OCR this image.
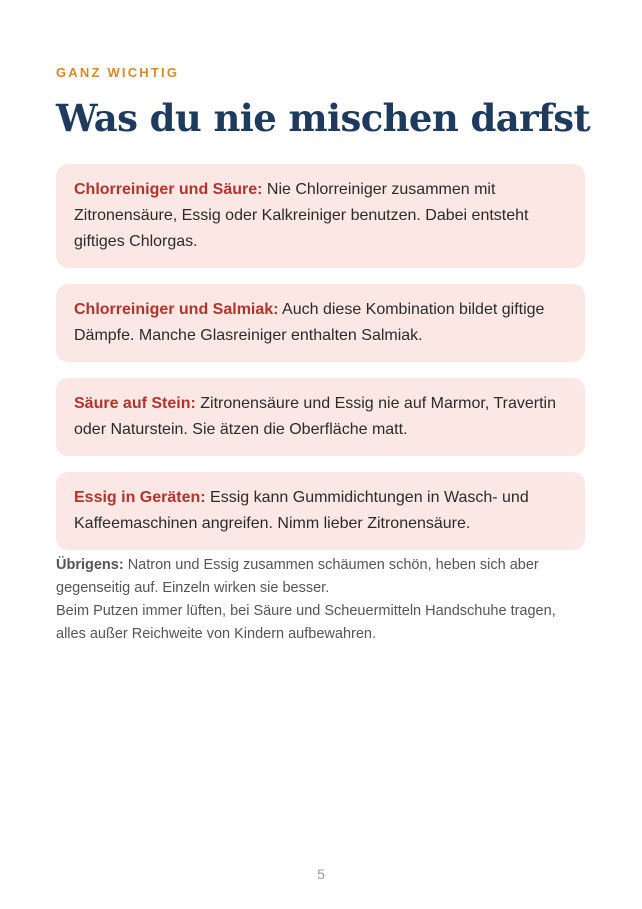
GANZ WICHTIG
Was du nie mischen darfst
Chlorreiniger und Säure: Nie Chlorreiniger zusammen mit Zitronensäure, Essig oder Kalkreiniger benutzen. Dabei entsteht giftiges Chlorgas.
Chlorreiniger und Salmiak: Auch diese Kombination bildet giftige Dämpfe. Manche Glasreiniger enthalten Salmiak.
Säure auf Stein: Zitronensäure und Essig nie auf Marmor, Travertin oder Naturstein. Sie ätzen die Oberfläche matt.
Essig in Geräten: Essig kann Gummidichtungen in Wasch- und Kaffeemaschinen angreifen. Nimm lieber Zitronensäure.

Übrigens: Natron und Essig zusammen schäumen schön, heben sich aber gegenseitig auf. Einzeln wirken sie besser.

Beim Putzen immer lüften, bei Säure und Scheuermitteln Handschuhe tragen, alles außer Reichweite von Kindern aufbewahren.

5
